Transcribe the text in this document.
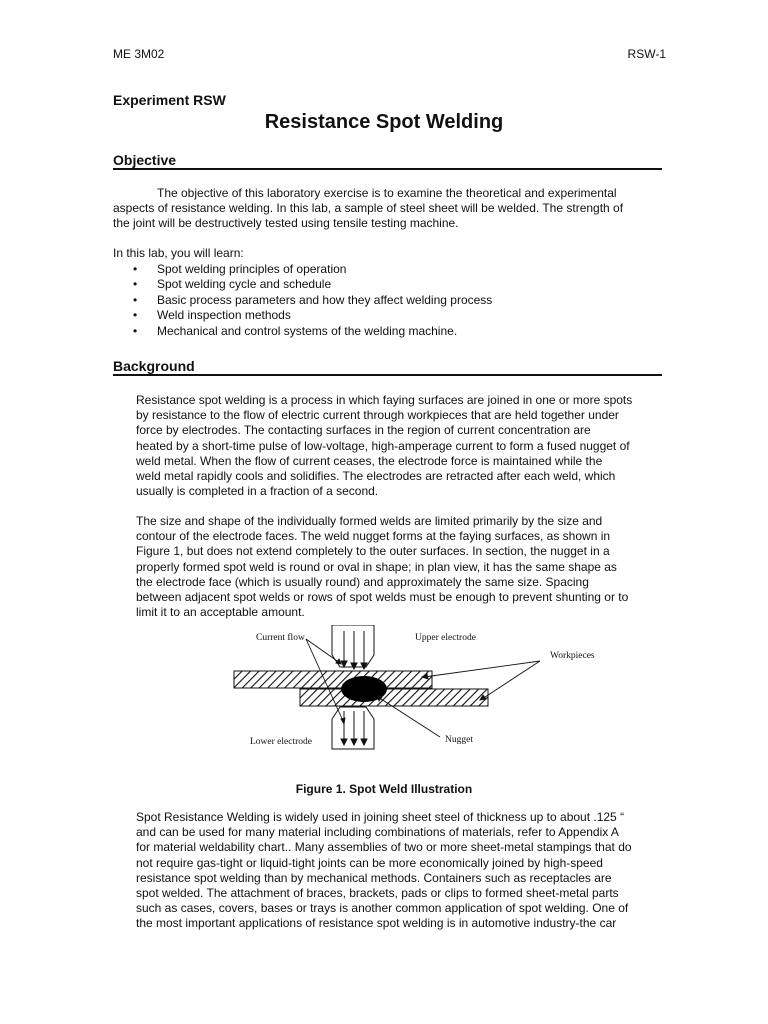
ME 3M02	RSW-1
Experiment RSW
Resistance Spot Welding
Objective

The objective of this laboratory exercise is to examine the theoretical and experimental
aspects of resistance welding. In this lab, a sample of steel sheet will be welded. The strength of
the joint will be destructively tested using tensile testing machine.

In this lab, you will learn:

• Spot welding principles of operation
• Spot welding cycle and schedule
• Basic process parameters and how they affect welding process
• Weld inspection methods
• Mechanical and control systems of the welding machine.
Background

Resistance spot welding is a process in which faying surfaces are joined in one or more spots
by resistance to the flow of electric current through workpieces that are held together under
force by electrodes. The contacting surfaces in the region of current concentration are
heated by a short-time pulse of low-voltage, high-amperage current to form a fused nugget of
weld metal. When the flow of current ceases, the electrode force is maintained while the
weld metal rapidly cools and solidifies. The electrodes are retracted after each weld, which
usually is completed in a fraction of a second.

The size and shape of the individually formed welds are limited primarily by the size and
contour of the electrode faces. The weld nugget forms at the faying surfaces, as shown in
Figure 1, but does not extend completely to the outer surfaces. In section, the nugget in a
properly formed spot weld is round or oval in shape; in plan view, it has the same shape as
the electrode face (which is usually round) and approximately the same size. Spacing
between adjacent spot welds or rows of spot welds must be enough to prevent shunting or to
limit it to an acceptable amount.

Current flow	Upper electrode
Workpieces
Lower electrode	Nugget
Figure 1. Spot Weld Illustration

Spot Resistance Welding is widely used in joining sheet steel of thickness up to about .125 “
and can be used for many material including combinations of materials, refer to Appendix A
for material weldability chart.. Many assemblies of two or more sheet-metal stampings that do
not require gas-tight or liquid-tight joints can be more economically joined by high-speed
resistance spot welding than by mechanical methods. Containers such as receptacles are
spot welded. The attachment of braces, brackets, pads or clips to formed sheet-metal parts
such as cases, covers, bases or trays is another common application of spot welding. One of
the most important applications of resistance spot welding is in automotive industry-the car
